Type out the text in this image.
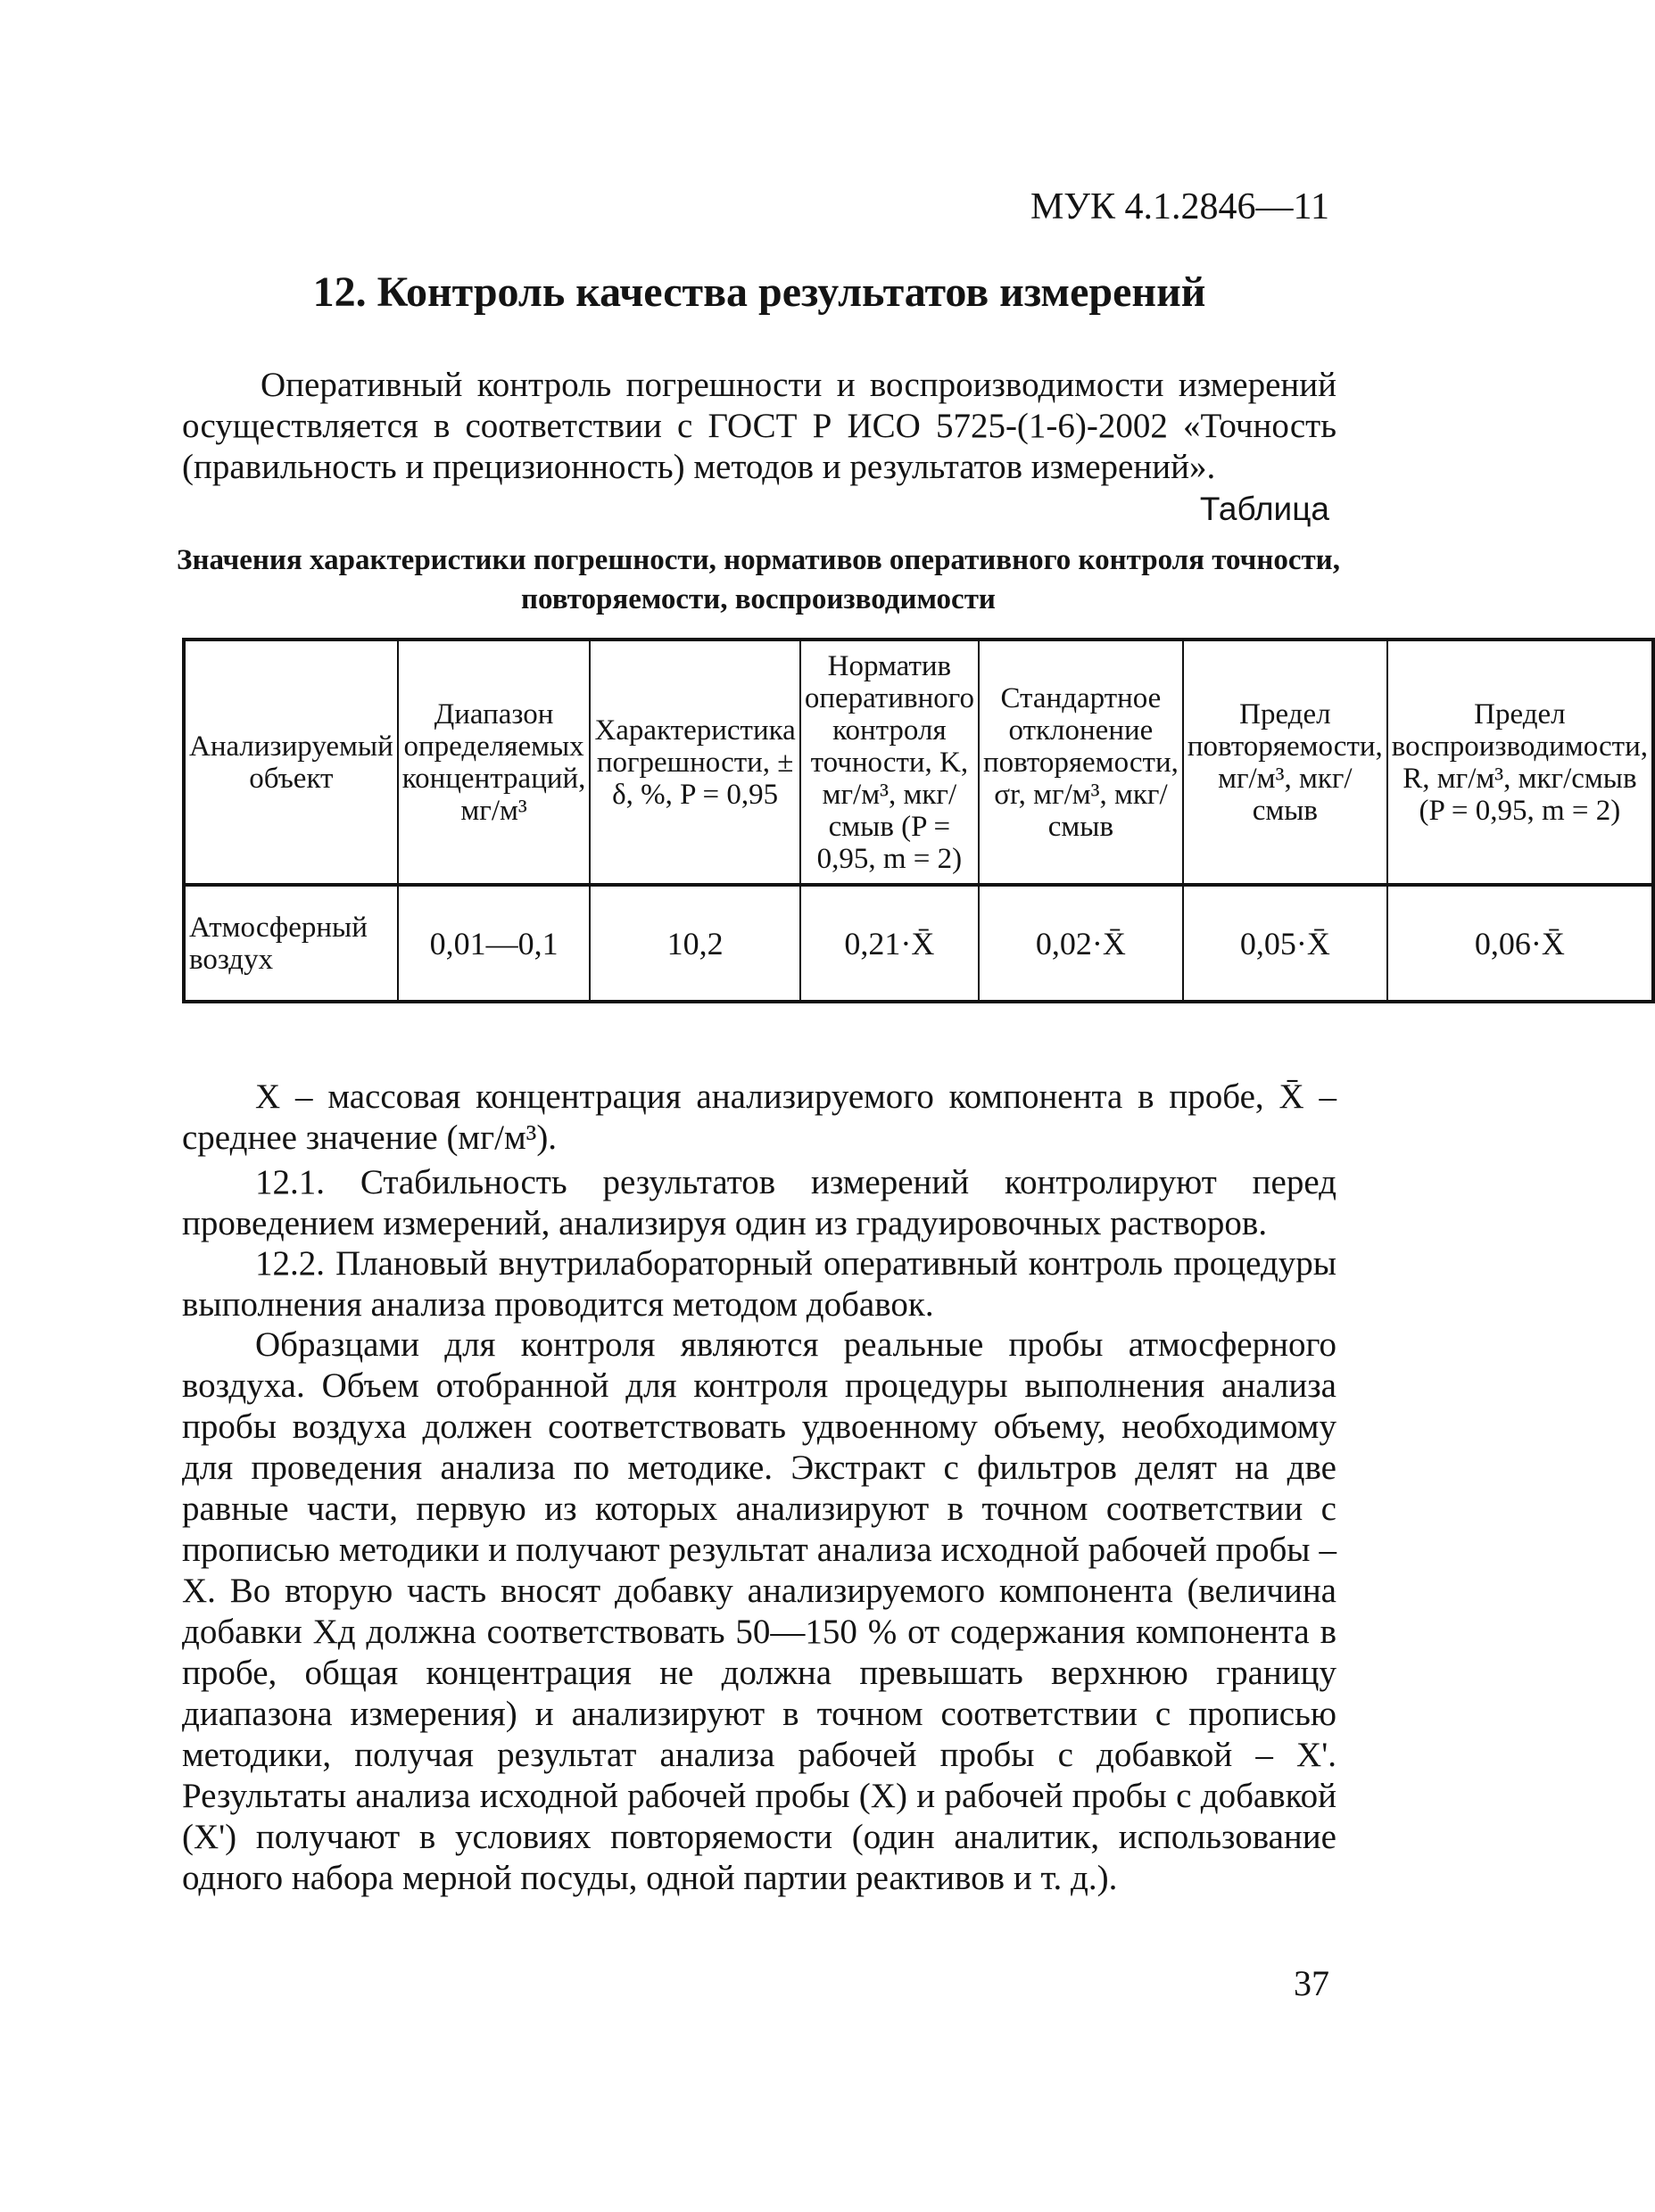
МУК 4.1.2846—11
12. Контроль качества результатов измерений

Оперативный контроль погрешности и воспроизводимости измерений осуществляется в соответствии с ГОСТ Р ИСО 5725-(1-6)-2002 «Точность (правильность и прецизионность) методов и результатов измерений».

Таблица
Значения характеристики погрешности, нормативов оперативного контроля точности, повторяемости, воспроизводимости
Анализируемый объект	Диапазон определяемых концентраций, мг/м³	Характеристика погрешности, ± δ, %, P = 0,95	Норматив оперативного контроля точности, K, мг/м³, мкг/смыв (P = 0,95, m = 2)	Стандартное отклонение повторяемости, σr, мг/м³, мкг/смыв	Предел повторяемости, мг/м³, мкг/смыв	Предел воспроизводимости, R, мг/м³, мкг/смыв (P = 0,95, m = 2)
Атмосферный воздух	0,01—0,1	10,2	0,21·X̄	0,02·X̄	0,05·X̄	0,06·X̄

X – массовая концентрация анализируемого компонента в пробе, X̄ – среднее значение (мг/м³).

12.1. Стабильность результатов измерений контролируют перед проведением измерений, анализируя один из градуировочных растворов.

12.2. Плановый внутрилабораторный оперативный контроль процедуры выполнения анализа проводится методом добавок.

Образцами для контроля являются реальные пробы атмосферного воздуха. Объем отобранной для контроля процедуры выполнения анализа пробы воздуха должен соответствовать удвоенному объему, необходимому для проведения анализа по методике. Экстракт с фильтров делят на две равные части, первую из которых анализируют в точном соответствии с прописью методики и получают результат анализа исходной рабочей пробы – X. Во вторую часть вносят добавку анализируемого компонента (величина добавки Xд должна соответствовать 50—150 % от содержания компонента в пробе, общая концентрация не должна превышать верхнюю границу диапазона измерения) и анализируют в точном соответствии с прописью методики, получая результат анализа рабочей пробы с добавкой – X'. Результаты анализа исходной рабочей пробы (X) и рабочей пробы с добавкой (X') получают в условиях повторяемости (один аналитик, использование одного набора мерной посуды, одной партии реактивов и т. д.).

37
